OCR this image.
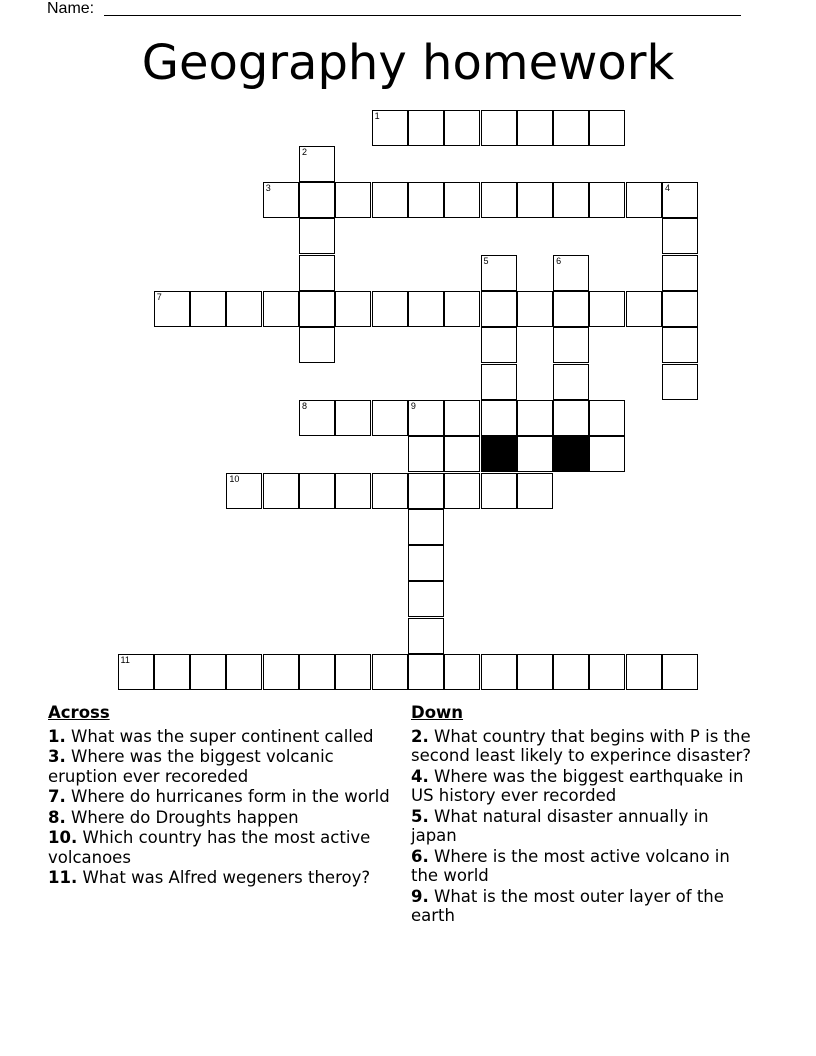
Name:
Geography homework
1
2
3	4
5	6
7
8	9
10
11
Across
1. What was the super continent called
3. Where was the biggest volcanic eruption ever recoreded
7. Where do hurricanes form in the world
8. Where do Droughts happen
10. Which country has the most active volcanoes
11. What was Alfred wegeners theroy?
Down
2. What country that begins with P is the second least likely to experince disaster?
4. Where was the biggest earthquake in US history ever recorded
5. What natural disaster annually in japan
6. Where is the most active volcano in the world
9. What is the most outer layer of the earth
